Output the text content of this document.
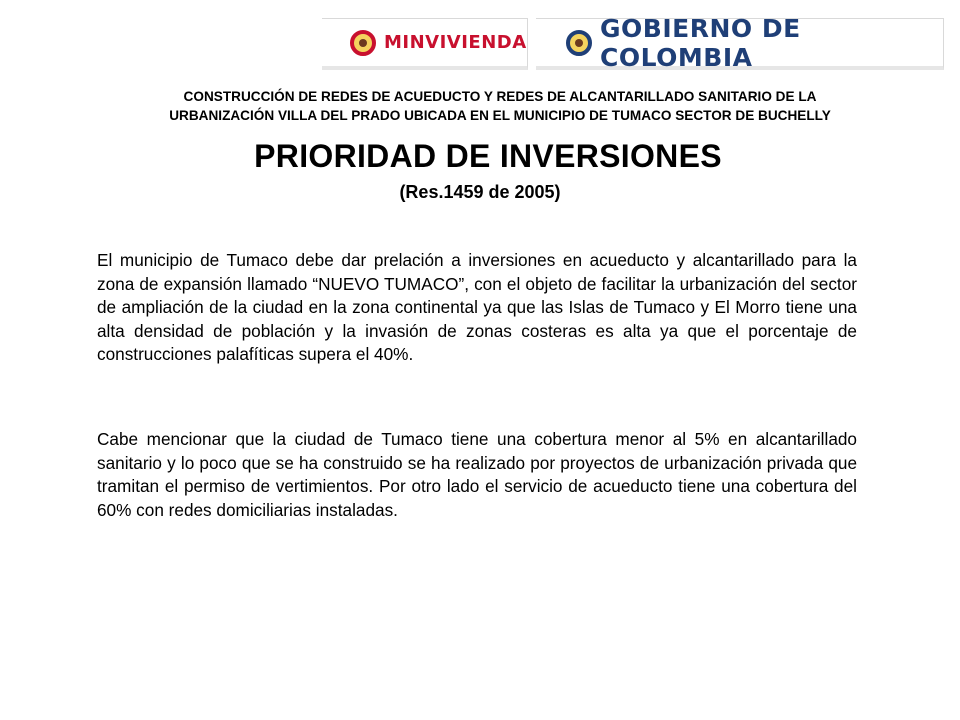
MINVIVIENDA	GOBIERNO DE COLOMBIA
CONSTRUCCIÓN DE REDES DE ACUEDUCTO Y REDES DE ALCANTARILLADO SANITARIO DE LA
URBANIZACIÓN VILLA DEL PRADO UBICADA EN EL MUNICIPIO DE TUMACO SECTOR DE BUCHELLY
PRIORIDAD DE INVERSIONES
(Res.1459 de 2005)

El municipio de Tumaco debe dar prelación a inversiones en acueducto y alcantarillado para la zona de expansión llamado “NUEVO TUMACO”, con el objeto de facilitar la urbanización del sector de ampliación de la ciudad en la zona continental ya que las Islas de Tumaco y El Morro tiene una alta densidad de población y la invasión de zonas costeras es alta ya que el porcentaje de construcciones palafíticas supera el 40%.

Cabe mencionar que la ciudad de Tumaco tiene una cobertura menor al 5% en alcantarillado sanitario y lo poco que se ha construido se ha realizado por proyectos de urbanización privada que tramitan el permiso de vertimientos. Por otro lado el servicio de acueducto tiene una cobertura del 60% con redes domiciliarias instaladas.
